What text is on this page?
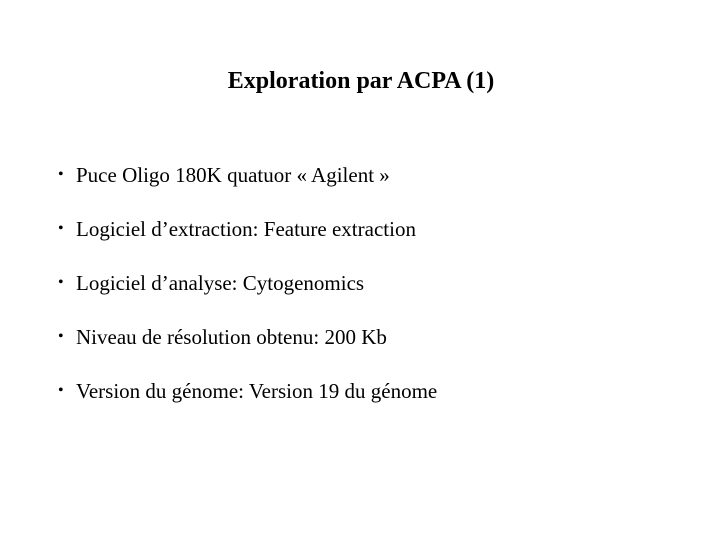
Exploration par ACPA (1)
• Puce Oligo 180K quatuor « Agilent »
• Logiciel d’extraction: Feature extraction
• Logiciel d’analyse: Cytogenomics
• Niveau de résolution obtenu: 200 Kb
• Version du génome: Version 19 du génome
